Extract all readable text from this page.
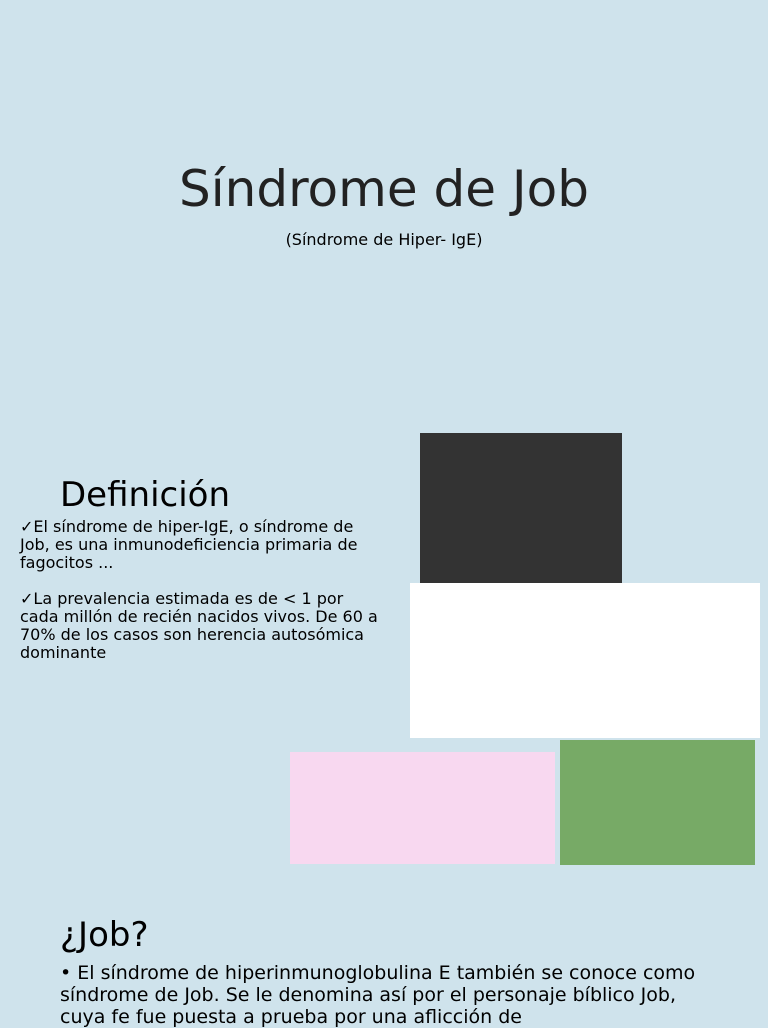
Síndrome de Job
(Síndrome de Hiper- IgE)
Definición
✓El síndrome de hiper-IgE, o síndrome de Job, es una inmunodeficiencia primaria de fagocitos ...

✓La prevalencia estimada es de < 1 por cada millón de recién nacidos vivos. De 60 a 70% de los casos son herencia autosómica dominante
¿Job?
• El síndrome de hiperinmunoglobulina E también se conoce como síndrome de Job. Se le denomina así por el personaje bíblico Job, cuya fe fue puesta a prueba por una aflicción de
